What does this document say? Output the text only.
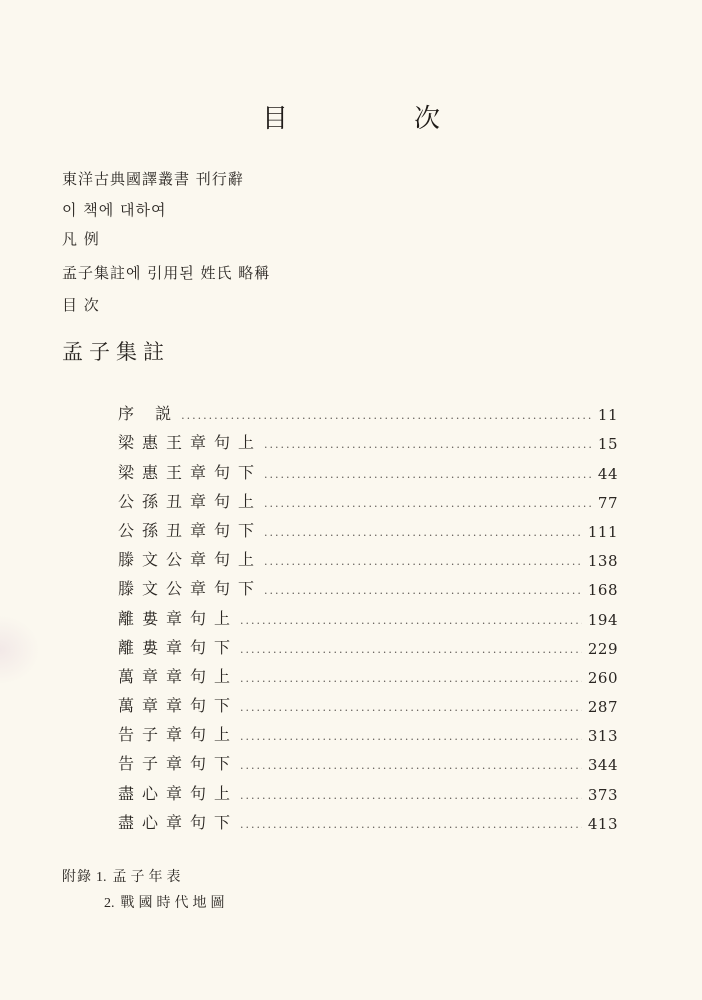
目　次
東洋古典國譯叢書 刊行辭
이 책에 대하여
凡 例
孟子集註에 引用된 姓氏 略稱
目 次
孟子集註
序 説 .....	11
梁惠王章句上 .....	15
梁惠王章句下 .....	44
公孫丑章句上 .....	77
公孫丑章句下 .....	111
滕文公章句上 .....	138
滕文公章句下 .....	168
離婁章句上 .....	194
離婁章句下 .....	229
萬章章句上 .....	260
萬章章句下 .....	287
告子章句上 .....	313
告子章句下 .....	344
盡心章句上 .....	373
盡心章句下 .....	413
附錄 1. 孟子年表
2. 戰國時代地圖
